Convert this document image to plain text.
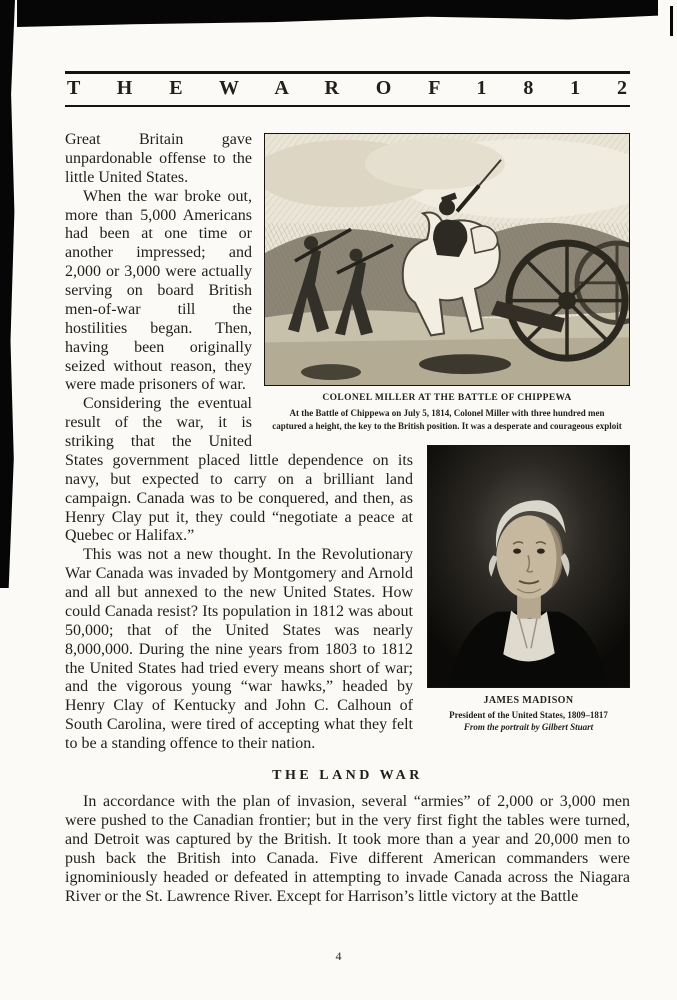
T H E W A R O F 1 8 1 2
COLONEL MILLER AT THE BATTLE OF CHIPPEWA
At the Battle of Chippewa on July 5, 1814, Colonel Miller with three hundred men captured a height, the key to the British position. It was a desperate and courageous exploit
JAMES MADISON
President of the United States, 1809–1817
From the portrait by Gilbert Stuart

Great Britain gave unpardonable offense to the little United States.

When the war broke out, more than 5,000 Americans had been at one time or another impressed; and 2,000 or 3,000 were actually serving on board British men-of-war till the hostilities began. Then, having been originally seized without reason, they were made prisoners of war.

Considering the eventual result of the war, it is striking that the United States government placed little dependence on its navy, but expected to carry on a brilliant land campaign. Canada was to be conquered, and then, as Henry Clay put it, they could “negotiate a peace at Quebec or Halifax.”

This was not a new thought. In the Revolutionary War Canada was invaded by Montgomery and Arnold and all but annexed to the new United States. How could Canada resist? Its population in 1812 was about 50,000; that of the United States was nearly 8,000,000. During the nine years from 1803 to 1812 the United States had tried every means short of war; and the vigorous young “war hawks,” headed by Henry Clay of Kentucky and John C. Calhoun of South Carolina, were tired of accepting what they felt to be a standing offence to their nation.

THE LAND WAR

In accordance with the plan of invasion, several “armies” of 2,000 or 3,000 men were pushed to the Canadian frontier; but in the very first fight the tables were turned, and Detroit was captured by the British. It took more than a year and 20,000 men to push back the British into Canada. Five different American commanders were ignominiously headed or defeated in attempting to invade Canada across the Niagara River or the St. Lawrence River. Except for Harrison’s little victory at the Battle

4
